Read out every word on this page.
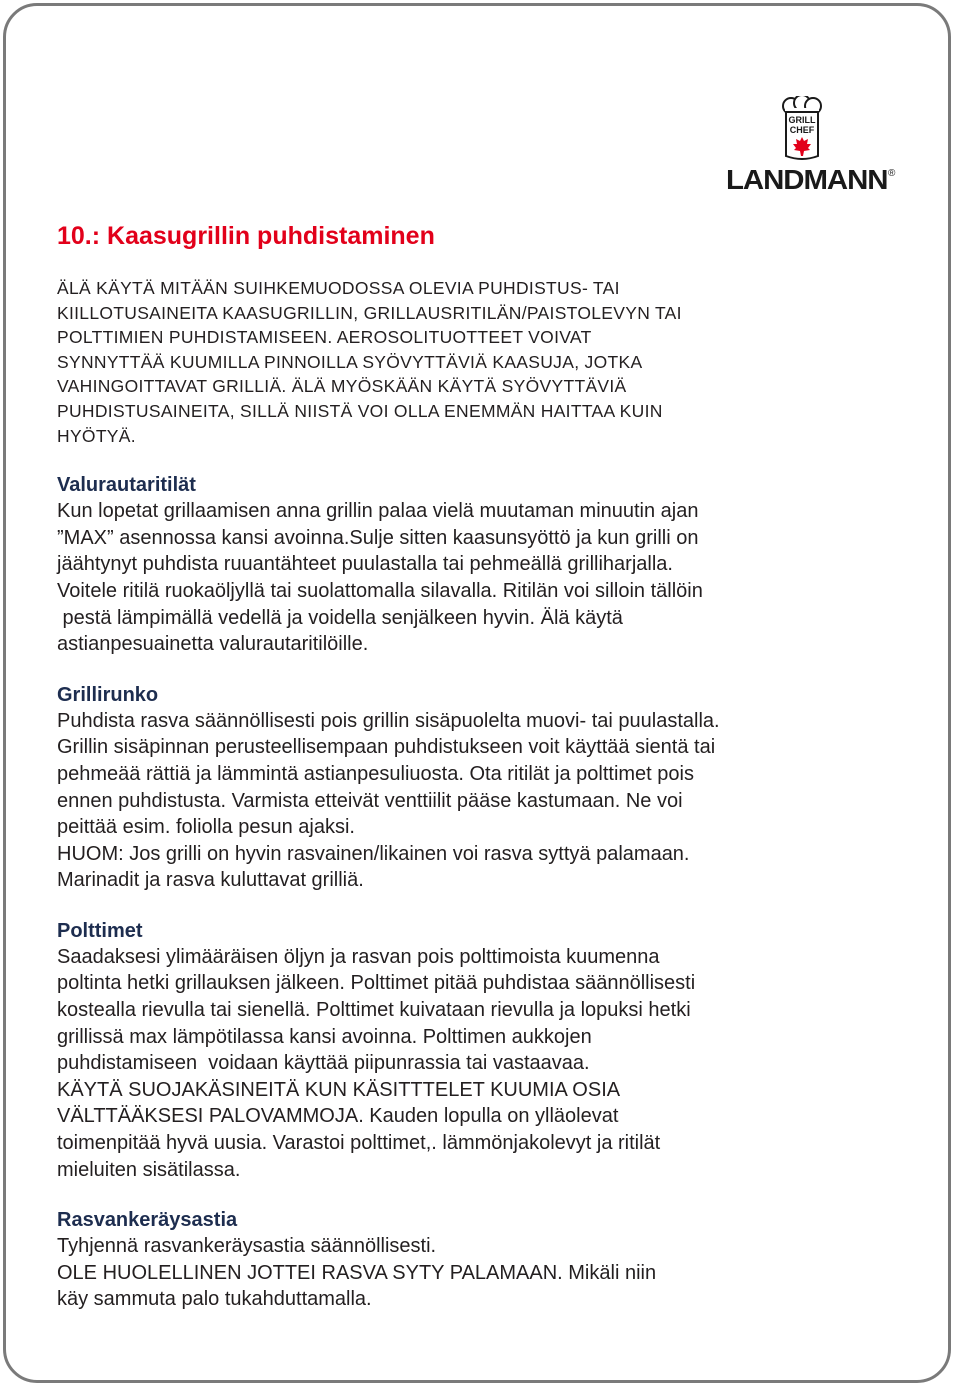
GRILL
CHEF
LANDMANN ®
10.: Kaasugrillin puhdistaminen

ÄLÄ KÄYTÄ MITÄÄN SUIHKEMUODOSSA OLEVIA PUHDISTUS- TAI
KIILLOTUSAINEITA KAASUGRILLIN, GRILLAUSRITILÄN/PAISTOLEVYN TAI
POLTTIMIEN PUHDISTAMISEEN. AEROSOLITUOTTEET VOIVAT
SYNNYTTÄÄ KUUMILLA PINNOILLA SYÖVYTTÄVIÄ KAASUJA, JOTKA
VAHINGOITTAVAT GRILLIÄ. ÄLÄ MYÖSKÄÄN KÄYTÄ SYÖVYTTÄVIÄ
PUHDISTUSAINEITA, SILLÄ NIISTÄ VOI OLLA ENEMMÄN HAITTAA KUIN
HYÖTYÄ.

Valurautaritilät

Kun lopetat grillaamisen anna grillin palaa vielä muutaman minuutin ajan
”MAX” asennossa kansi avoinna.Sulje sitten kaasunsyöttö ja kun grilli on
jäähtynyt puhdista ruuantähteet puulastalla tai pehmeällä grilliharjalla.
Voitele ritilä ruokaöljyllä tai suolattomalla silavalla. Ritilän voi silloin tällöin
pestä lämpimällä vedellä ja voidella senjälkeen hyvin. Älä käytä
astianpesuainetta valurautaritilöille.

Grillirunko

Puhdista rasva säännöllisesti pois grillin sisäpuolelta muovi- tai puulastalla.
Grillin sisäpinnan perusteellisempaan puhdistukseen voit käyttää sientä tai
pehmeää rättiä ja lämmintä astianpesuliuosta. Ota ritilät ja polttimet pois
ennen puhdistusta. Varmista etteivät venttiilit pääse kastumaan. Ne voi
peittää esim. foliolla pesun ajaksi.
HUOM: Jos grilli on hyvin rasvainen/likainen voi rasva syttyä palamaan.
Marinadit ja rasva kuluttavat grilliä.

Polttimet

Saadaksesi ylimääräisen öljyn ja rasvan pois polttimoista kuumenna
poltinta hetki grillauksen jälkeen. Polttimet pitää puhdistaa säännöllisesti
kostealla rievulla tai sienellä. Polttimet kuivataan rievulla ja lopuksi hetki
grillissä max lämpötilassa kansi avoinna. Polttimen aukkojen
puhdistamiseen  voidaan käyttää piipunrassia tai vastaavaa.
KÄYTÄ SUOJAKÄSINEITÄ KUN KÄSITTTELET KUUMIA OSIA
VÄLTTÄÄKSESI PALOVAMMOJA. Kauden lopulla on ylläolevat
toimenpitää hyvä uusia. Varastoi polttimet,. lämmönjakolevyt ja ritilät
mieluiten sisätilassa.

Rasvankeräysastia

Tyhjennä rasvankeräysastia säännöllisesti.
OLE HUOLELLINEN JOTTEI RASVA SYTY PALAMAAN. Mikäli niin
käy sammuta palo tukahduttamalla.
